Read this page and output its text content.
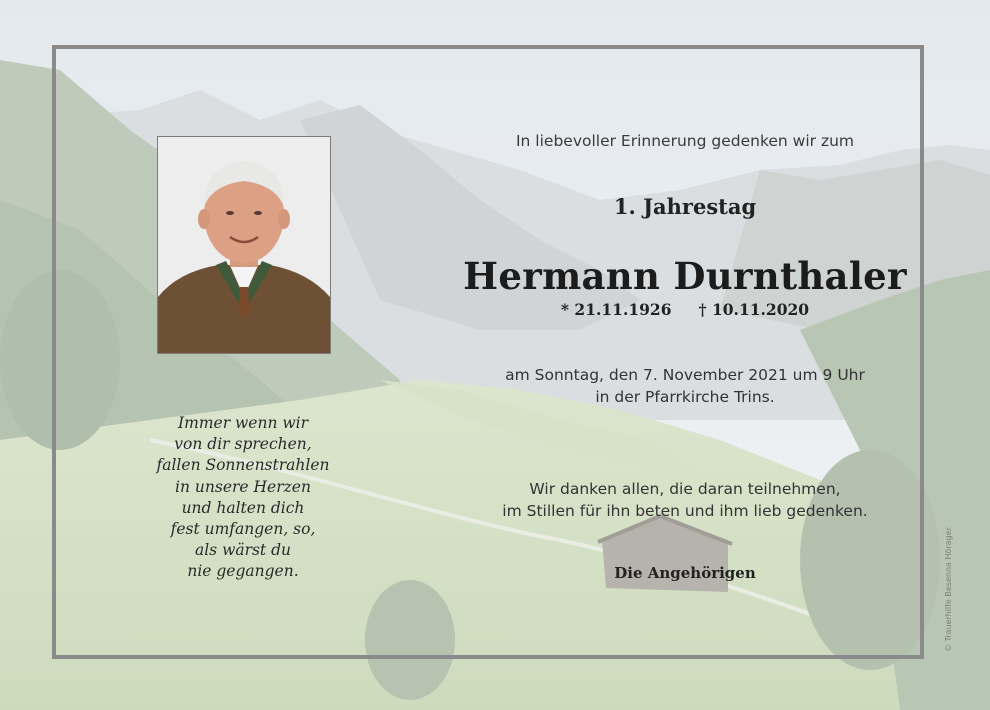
In liebevoller Erinnerung gedenken wir zum
1. Jahrestag
Hermann Durnthaler
* 21.11.1926     † 10.11.2020
am Sonntag, den 7. November 2021 um 9 Uhr
in der Pfarrkirche Trins.
Wir danken allen, die daran teilnehmen,
im Stillen für ihn beten und ihm lieb gedenken.
Die Angehörigen
Immer wenn wir
von dir sprechen,
fallen Sonnenstrahlen
in unsere Herzen
und halten dich
fest umfangen, so,
als wärst du
nie gegangen.	© Trauerhilfe Besenna Hörager
